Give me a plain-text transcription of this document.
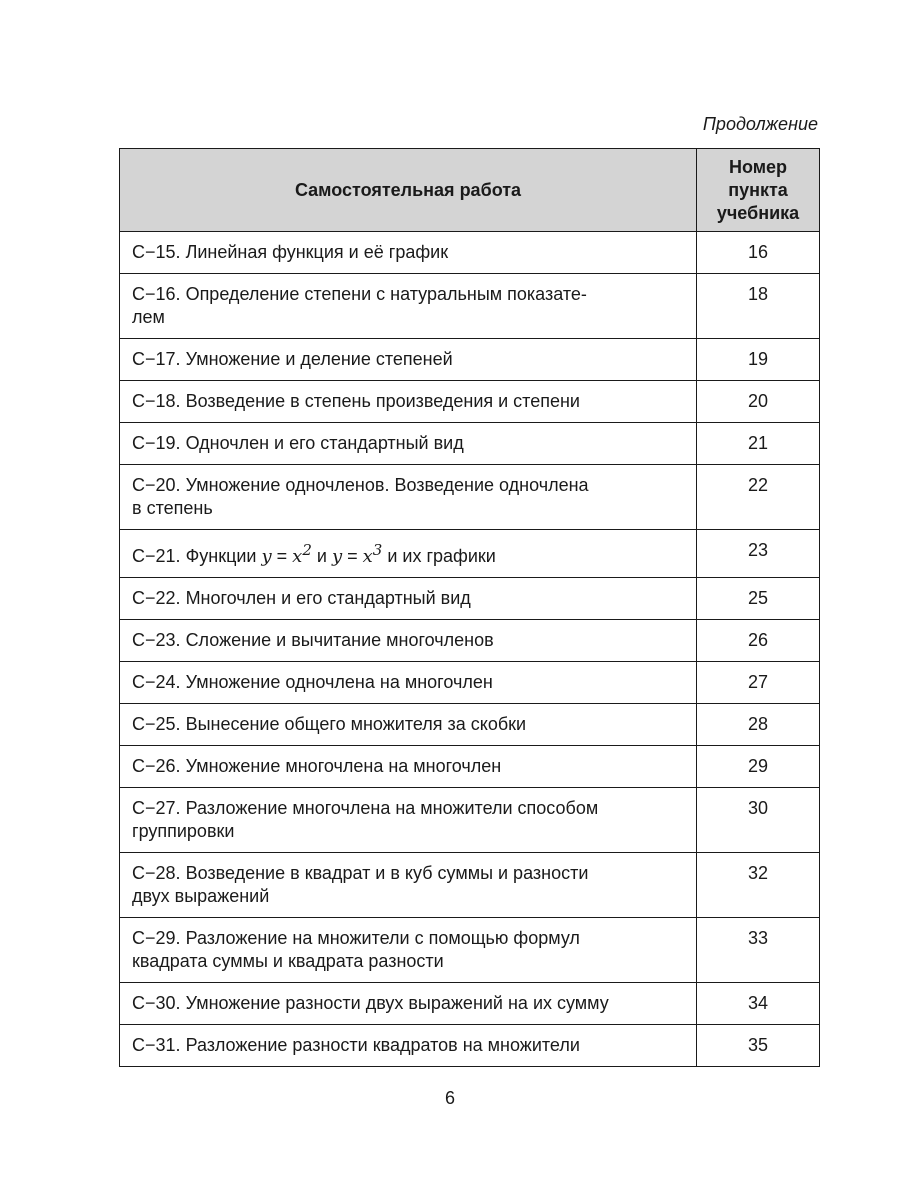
Продолжение
Самостоятельная работа	Номер
пункта
учебника

С−15. Линейная функция и её график	16
С−16. Определение степени с натуральным показате-
лем	18
С−17. Умножение и деление степеней	19
С−18. Возведение в степень произведения и степени	20
С−19. Одночлен и его стандартный вид	21
С−20. Умножение одночленов. Возведение одночлена
в степень	22
С−21. Функции $y = x^2$ и $y = x^3$ и их графики	23
С−22. Многочлен и его стандартный вид	25
С−23. Сложение и вычитание многочленов	26
С−24. Умножение одночлена на многочлен	27
С−25. Вынесение общего множителя за скобки	28
С−26. Умножение многочлена на многочлен	29
С−27. Разложение многочлена на множители способом
группировки	30
С−28. Возведение в квадрат и в куб суммы и разности
двух выражений	32
С−29. Разложение на множители с помощью формул
квадрата суммы и квадрата разности	33
С−30. Умножение разности двух выражений на их сумму	34
С−31. Разложение разности квадратов на множители	35
6
